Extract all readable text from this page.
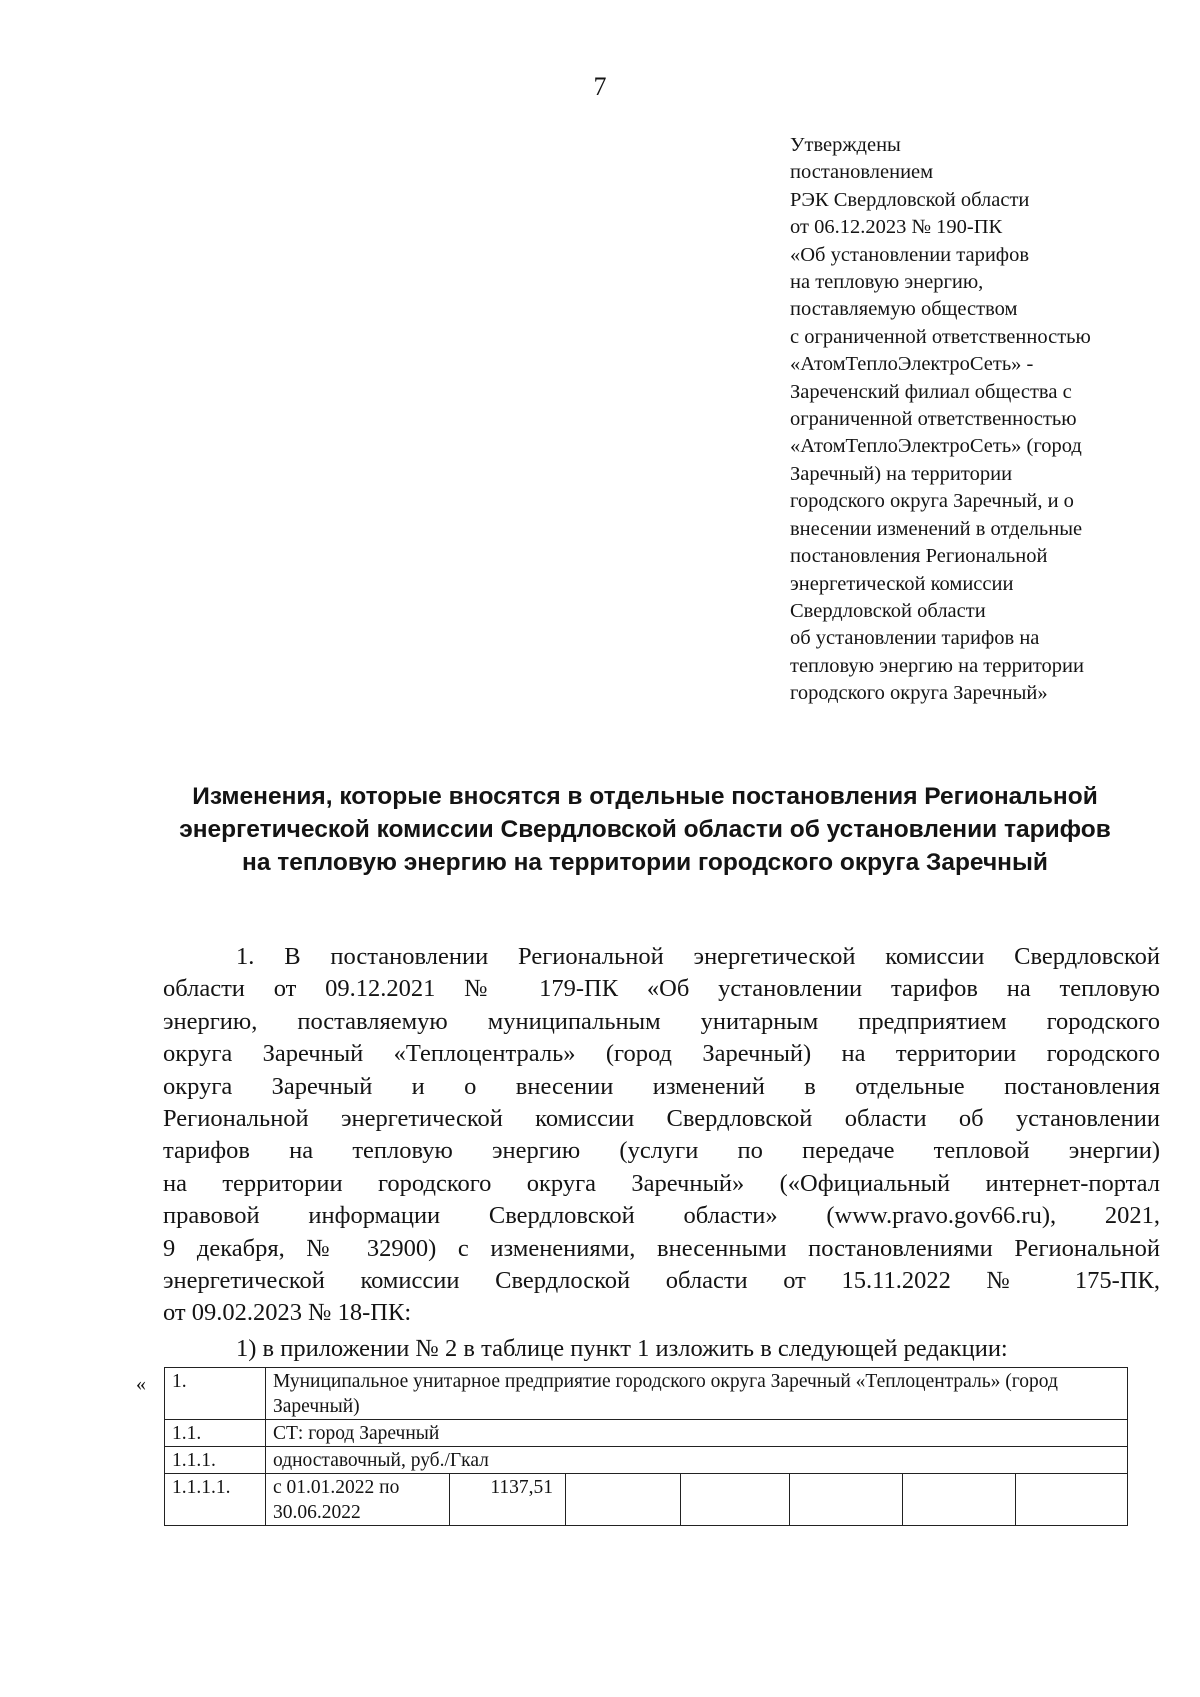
7
Утверждены
постановлением
РЭК Свердловской области
от 06.12.2023 № 190-ПК
«Об установлении тарифов
на тепловую энергию,
поставляемую обществом
с ограниченной ответственностью
«АтомТеплоЭлектроСеть» -
Зареченский филиал общества с
ограниченной ответственностью
«АтомТеплоЭлектроСеть» (город
Заречный) на территории
городского округа Заречный, и о
внесении изменений в отдельные
постановления Региональной
энергетической комиссии
Свердловской области
об установлении тарифов на
тепловую энергию на территории
городского округа Заречный»
Изменения, которые вносятся в отдельные постановления Региональной
энергетической комиссии Свердловской области об установлении тарифов
на тепловую энергию на территории городского округа Заречный
1. В постановлении Региональной энергетической комиссии Свердловской
области от 09.12.2021 № 179-ПК «Об установлении тарифов на тепловую
энергию, поставляемую муниципальным унитарным предприятием городского
округа Заречный «Теплоцентраль» (город Заречный) на территории городского
округа Заречный и о внесении изменений в отдельные постановления
Региональной энергетической комиссии Свердловской области об установлении
тарифов на тепловую энергию (услуги по передаче тепловой энергии)
на территории городского округа Заречный» («Официальный интернет-портал
правовой информации Свердловской области» (www.pravo.gov66.ru), 2021,
9 декабря, № 32900) с изменениями, внесенными постановлениями Региональной
энергетической комиссии Свердлоской области от 15.11.2022 № 175-ПК,
от 09.02.2023 № 18-ПК:
1) в приложении № 2 в таблице пункт 1 изложить в следующей редакции:
« 1.	Муниципальное унитарное предприятие городского округа Заречный «Теплоцентраль» (город Заречный)						
1.1.	СТ: город Заречный						
1.1.1.	одноставочный, руб./Гкал						
1.1.1.1.	с 01.01.2022 по 30.06.2022	1137,51					
